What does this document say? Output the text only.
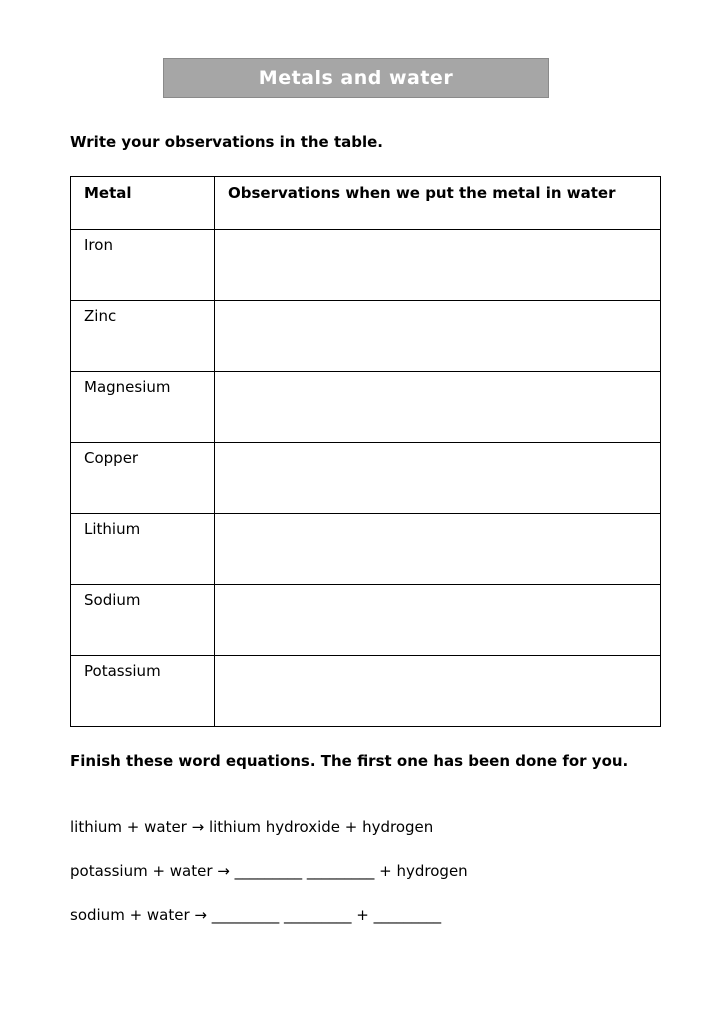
Metals and water
Write your observations in the table.
Metal	Observations when we put the metal in water
Iron	
Zinc	
Magnesium	
Copper	
Lithium	
Sodium	
Potassium	
Finish these word equations. The first one has been done for you.
lithium + water → lithium hydroxide + hydrogen
potassium + water → _________ _________ + hydrogen
sodium + water → _________ _________ + _________
